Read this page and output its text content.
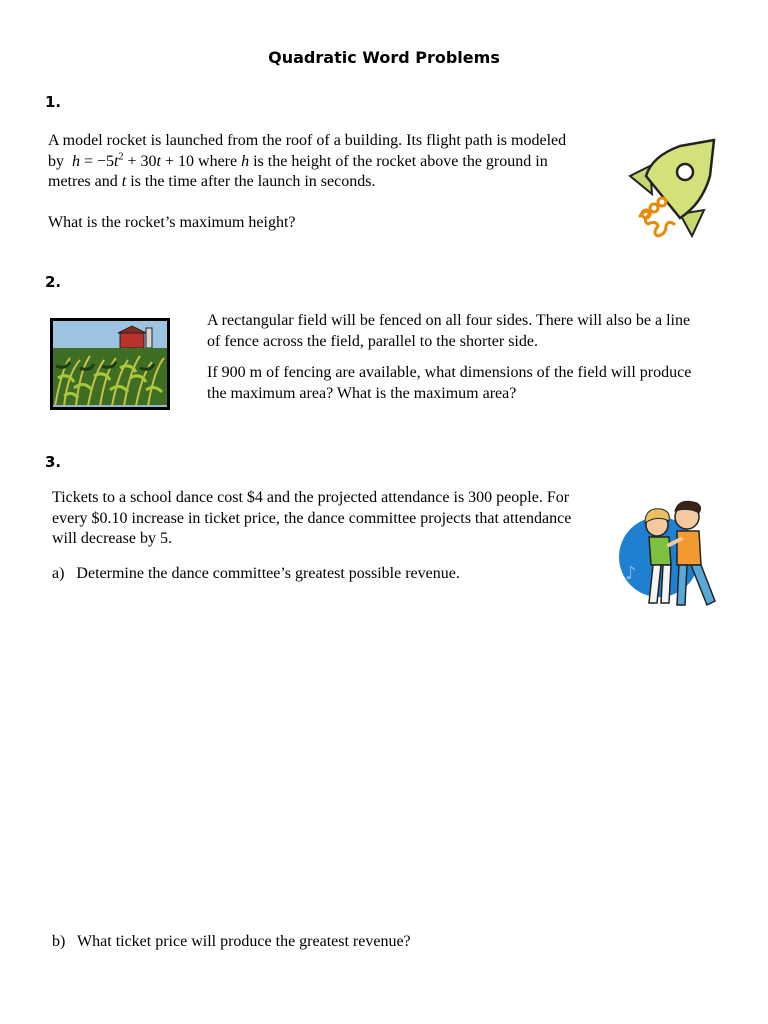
Quadratic Word Problems
1.

A model rocket is launched from the roof of a building. Its flight path is modeled

by $h = -5t^2 + 30t + 10$ where h is the height of the rocket above the ground in

metres and t is the time after the launch in seconds.

What is the rocket’s maximum height?

2.

A rectangular field will be fenced on all four sides. There will also be a line of fence across the field, parallel to the shorter side.

If 900 m of fencing are available, what dimensions of the field will produce the maximum area? What is the maximum area?

3.

Tickets to a school dance cost $4 and the projected attendance is 300 people. For every $0.10 increase in ticket price, the dance committee projects that attendance will decrease by 5.

a)   Determine the dance committee’s greatest possible revenue.	♪

b)   What ticket price will produce the greatest revenue?
